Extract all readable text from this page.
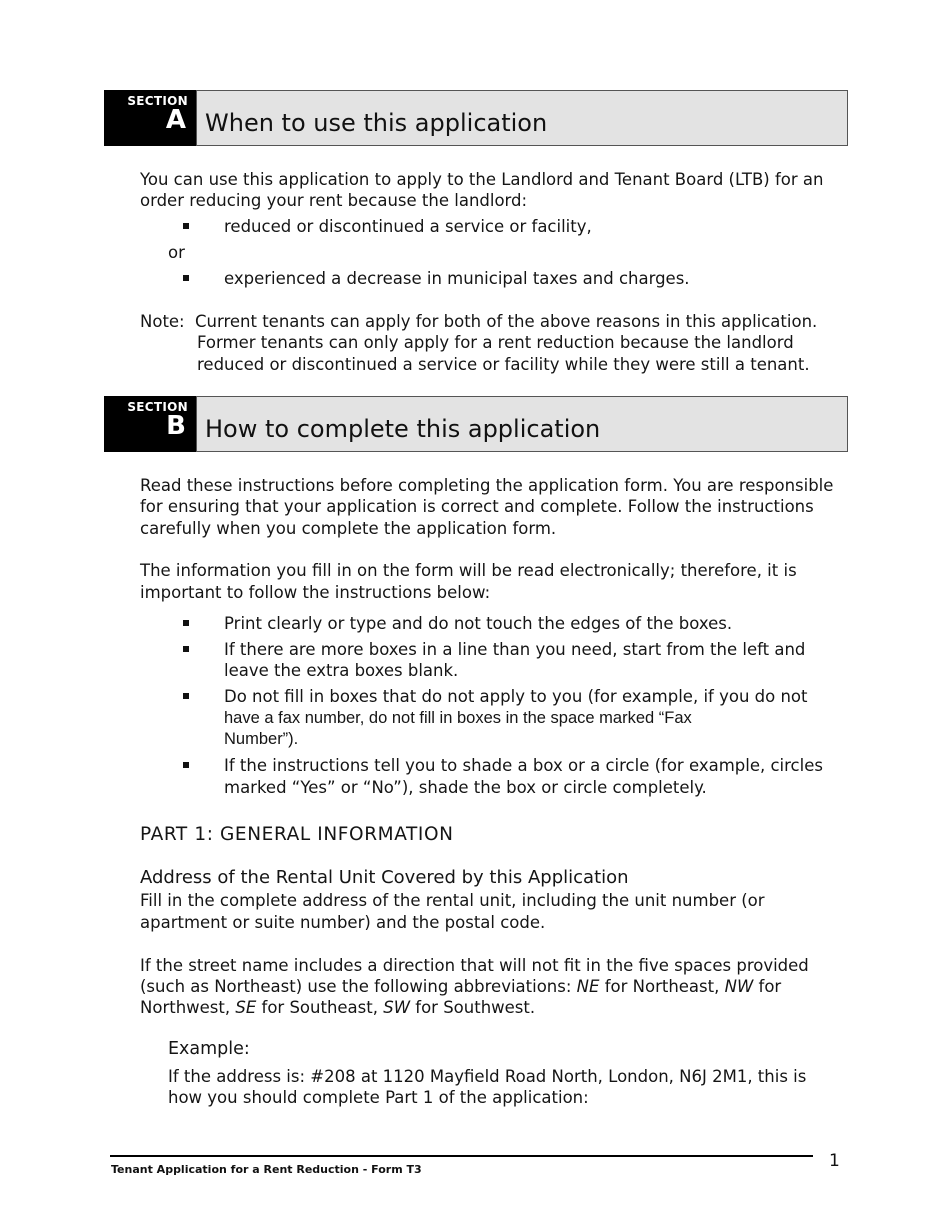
SECTION
A When to use this application
You can use this application to apply to the Landlord and Tenant Board (LTB) for an
order reducing your rent because the landlord:
reduced or discontinued a service or facility,
or
experienced a decrease in municipal taxes and charges.
Note: Current tenants can apply for both of the above reasons in this application.
Former tenants can only apply for a rent reduction because the landlord
reduced or discontinued a service or facility while they were still a tenant.
SECTION
B How to complete this application
Read these instructions before completing the application form. You are responsible
for ensuring that your application is correct and complete. Follow the instructions
carefully when you complete the application form.
The information you fill in on the form will be read electronically; therefore, it is
important to follow the instructions below:
Print clearly or type and do not touch the edges of the boxes.
If there are more boxes in a line than you need, start from the left and
leave the extra boxes blank.
Do not fill in boxes that do not apply to you (for example, if you do not
have a fax number, do not fill in boxes in the space marked “Fax
Number”).
If the instructions tell you to shade a box or a circle (for example, circles
marked “Yes” or “No”), shade the box or circle completely.
PART 1: GENERAL INFORMATION
Address of the Rental Unit Covered by this Application
Fill in the complete address of the rental unit, including the unit number (or
apartment or suite number) and the postal code.
If the street name includes a direction that will not fit in the five spaces provided
(such as Northeast) use the following abbreviations: NE for Northeast, NW for
Northwest, SE for Southeast, SW for Southwest.
Example:
If the address is: #208 at 1120 Mayfield Road North, London, N6J 2M1, this is
how you should complete Part 1 of the application:
Tenant Application for a Rent Reduction - Form T3	1
